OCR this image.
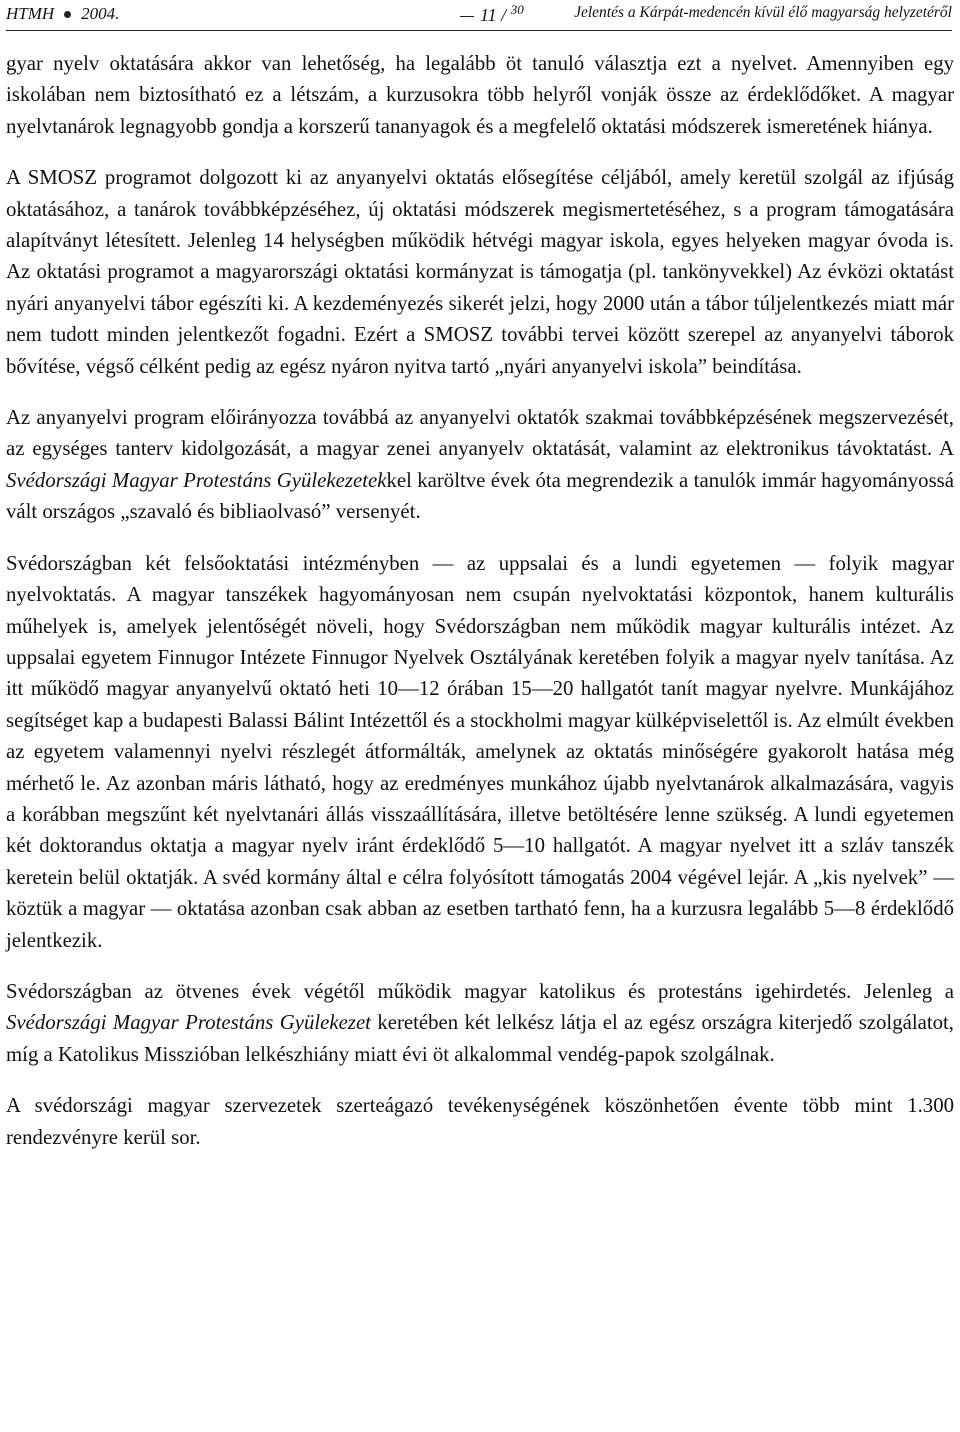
HTMH 2004.	11 / $^{30}$	Jelentés a Kárpát-medencén kívül élő magyarság helyzetéről

gyar nyelv oktatására akkor van lehetőség, ha legalább öt tanuló választja ezt a nyelvet. Amennyiben egy iskolában nem biztosítható ez a létszám, a kurzusokra több helyről vonják össze az érdeklődőket. A magyar nyelvtanárok legnagyobb gondja a korszerű tananyagok és a megfelelő oktatási módszerek ismeretének hiánya.

A SMOSZ programot dolgozott ki az anyanyelvi oktatás elősegítése céljából, amely keretül szolgál az ifjúság oktatásához, a tanárok továbbképzéséhez, új oktatási módszerek megismertetéséhez, s a program támogatására alapítványt létesített. Jelenleg 14 helységben működik hétvégi magyar iskola, egyes helyeken magyar óvoda is. Az oktatási programot a magyarországi oktatási kormányzat is támogatja (pl. tankönyvekkel) Az évközi oktatást nyári anyanyelvi tábor egészíti ki. A kezdeményezés sikerét jelzi, hogy 2000 után a tábor túljelentkezés miatt már nem tudott minden jelentkezőt fogadni. Ezért a SMOSZ további tervei között szerepel az anyanyelvi táborok bővítése, végső célként pedig az egész nyáron nyitva tartó „nyári anyanyelvi iskola” beindítása.

Az anyanyelvi program előirányozza továbbá az anyanyelvi oktatók szakmai továbbképzésének megszervezését, az egységes tanterv kidolgozását, a magyar zenei anyanyelv oktatását, valamint az elektronikus távoktatást. A Svédországi Magyar Protestáns Gyülekezetekkel karöltve évek óta megrendezik a tanulók immár hagyományossá vált országos „szavaló és bibliaolvasó” versenyét.

Svédországban két felsőoktatási intézményben — az uppsalai és a lundi egyetemen — folyik magyar nyelvoktatás. A magyar tanszékek hagyományosan nem csupán nyelvoktatási központok, hanem kulturális műhelyek is, amelyek jelentőségét növeli, hogy Svédországban nem működik magyar kulturális intézet. Az uppsalai egyetem Finnugor Intézete Finnugor Nyelvek Osztályának keretében folyik a magyar nyelv tanítása. Az itt működő magyar anyanyelvű oktató heti 10—12 órában 15—20 hallgatót tanít magyar nyelvre. Munkájához segítséget kap a budapesti Balassi Bálint Intézettől és a stockholmi magyar külképviselettől is. Az elmúlt években az egyetem valamennyi nyelvi részlegét átformálták, amelynek az oktatás minőségére gyakorolt hatása még mérhető le. Az azonban máris látható, hogy az eredményes munkához újabb nyelvtanárok alkalmazására, vagyis a korábban megszűnt két nyelvtanári állás visszaállítására, illetve betöltésére lenne szükség. A lundi egyetemen két doktorandus oktatja a magyar nyelv iránt érdeklődő 5—10 hallgatót. A magyar nyelvet itt a szláv tanszék keretein belül oktatják. A svéd kormány által e célra folyósított támogatás 2004 végével lejár. A „kis nyelvek” — köztük a magyar — oktatása azonban csak abban az esetben tartható fenn, ha a kurzusra legalább 5—8 érdeklődő jelentkezik.

Svédországban az ötvenes évek végétől működik magyar katolikus és protestáns igehirdetés. Jelenleg a Svédországi Magyar Protestáns Gyülekezet keretében két lelkész látja el az egész országra kiterjedő szolgálatot, míg a Katolikus Misszióban lelkészhiány miatt évi öt alkalommal vendég-papok szolgálnak.

A svédországi magyar szervezetek szerteágazó tevékenységének köszönhetően évente több mint 1.300 rendezvényre kerül sor.
